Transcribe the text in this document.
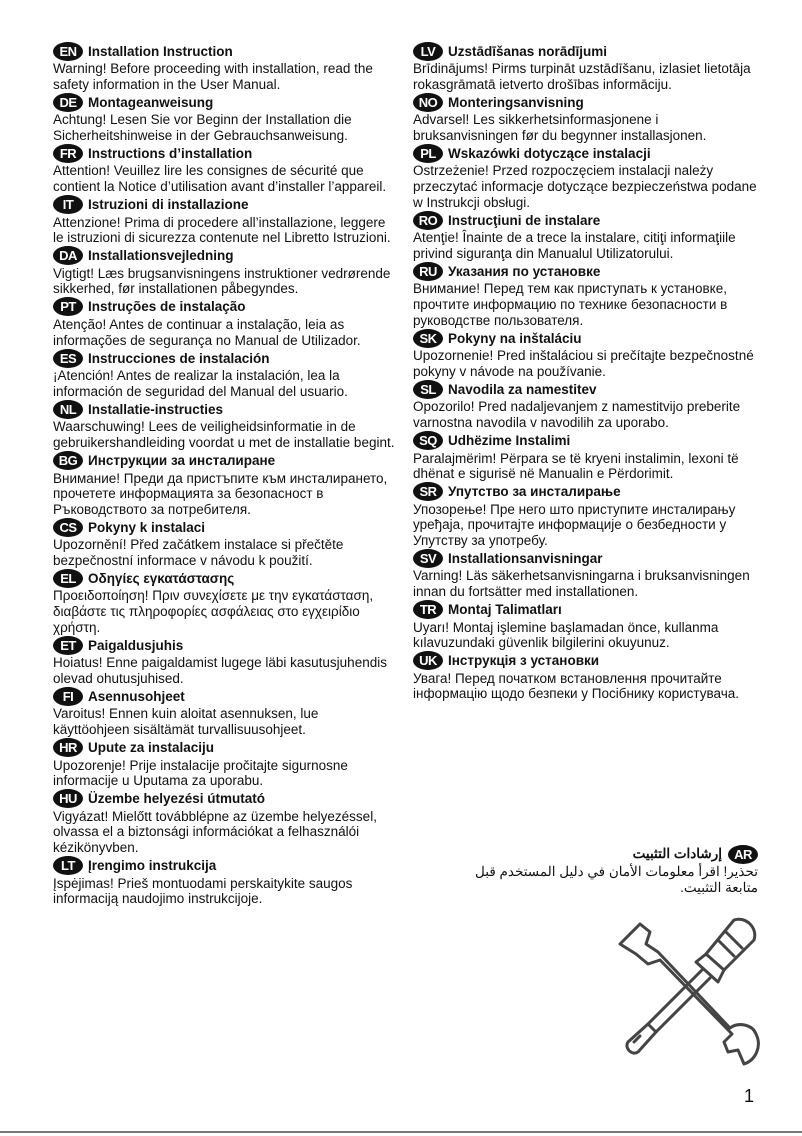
EN Installation Instruction
Warning! Before proceeding with installation, read the safety information in the User Manual.
DE Montageanweisung
Achtung! Lesen Sie vor Beginn der Installation die Sicherheitshinweise in der Gebrauchsanweisung.
FR Instructions d’installation
Attention! Veuillez lire les consignes de sécurité que contient la Notice d’utilisation avant d’installer l’appareil.
IT	Istruzioni di installazione
Attenzione! Prima di procedere all’installazione, leggere le istruzioni di sicurezza contenute nel Libretto Istruzioni.
DA Installationsvejledning
Vigtigt! Læs brugsanvisningens instruktioner vedrørende sikkerhed, før installationen påbegyndes.
PT Instruções de instalação
Atenção! Antes de continuar a instalação, leia as informações de segurança no Manual de Utilizador.
ES Instrucciones de instalación
¡Atención! Antes de realizar la instalación, lea la información de seguridad del Manual del usuario.
NL Installatie-instructies
Waarschuwing! Lees de veiligheidsinformatie in de gebruikershandleiding voordat u met de installatie begint.
BG Инструкции за инсталиране
Внимание! Преди да пристъпите към инсталирането, прочетете информацията за безопасност в Ръководството за потребителя.
CS Pokyny k instalaci
Upozornění! Před začátkem instalace si přečtěte bezpečnostní informace v návodu k použití.
EL Οδηγίες εγκατάστασης
Προειδοποίηση! Πριν συνεχίσετε με την εγκατάσταση, διαβάστε τις πληροφορίες ασφάλειας στο εγχειρίδιο χρήστη.
ET Paigaldusjuhis
Hoiatus! Enne paigaldamist lugege läbi kasutusjuhendis olevad ohutusjuhised.
FI	Asennusohjeet
Varoitus! Ennen kuin aloitat asennuksen, lue käyttöohjeen sisältämät turvallisuusohjeet.
HR Upute za instalaciju
Upozorenje! Prije instalacije pročitajte sigurnosne informacije u Uputama za uporabu.
HU Üzembe helyezési útmutató
Vigyázat! Mielőtt továbblépne az üzembe helyezéssel, olvassa el a biztonsági információkat a felhasználói kézikönyvben.
LT Įrengimo instrukcija
Įspėjimas! Prieš montuodami perskaitykite saugos informaciją naudojimo instrukcijoje.
LV Uzstādīšanas norādījumi
Brīdinājums! Pirms turpināt uzstādīšanu, izlasiet lietotāja rokasgrāmatā ietverto drošības informāciju.
NO Monteringsanvisning
Advarsel! Les sikkerhetsinformasjonene i bruksanvisningen før du begynner installasjonen.
PL Wskazówki dotyczące instalacji
Ostrzeżenie! Przed rozpoczęciem instalacji należy przeczytać informacje dotyczące bezpieczeństwa podane w Instrukcji obsługi.
RO Instrucţiuni de instalare
Atenţie! Înainte de a trece la instalare, citiţi informaţiile privind siguranţa din Manualul Utilizatorului.
RU Указания по установке
Внимание! Перед тем как приступать к установке, прочтите информацию по технике безопасности в руководстве пользователя.
SK Pokyny na inštaláciu
Upozornenie! Pred inštaláciou si prečítajte bezpečnostné pokyny v návode na používanie.
SL Navodila za namestitev
Opozorilo! Pred nadaljevanjem z namestitvijo preberite varnostna navodila v navodilih za uporabo.
SQ Udhëzime Instalimi
Paralajmërim! Përpara se të kryeni instalimin, lexoni të dhënat e sigurisë në Manualin e Përdorimit.
SR Упутство за инсталирање
Упозорење! Пре него што приступите инсталирању уређаја, прочитајте информације о безбедности у Упутству за употребу.
SV Installationsanvisningar
Varning! Läs säkerhetsanvisningarna i bruksanvisningen innan du fortsätter med installationen.
TR Montaj Talimatları
Uyarı! Montaj işlemine başlamadan önce, kullanma kılavuzundaki güvenlik bilgilerini okuyunuz.
UK Інструкція з установки
Увага! Перед початком встановлення прочитайте інформацію щодо безпеки у Посібнику користувача.
AR
إرشادات التثبيت
تحذير! اقرأ معلومات الأمان في دليل المستخدم قبل متابعة التثبيت.
1
